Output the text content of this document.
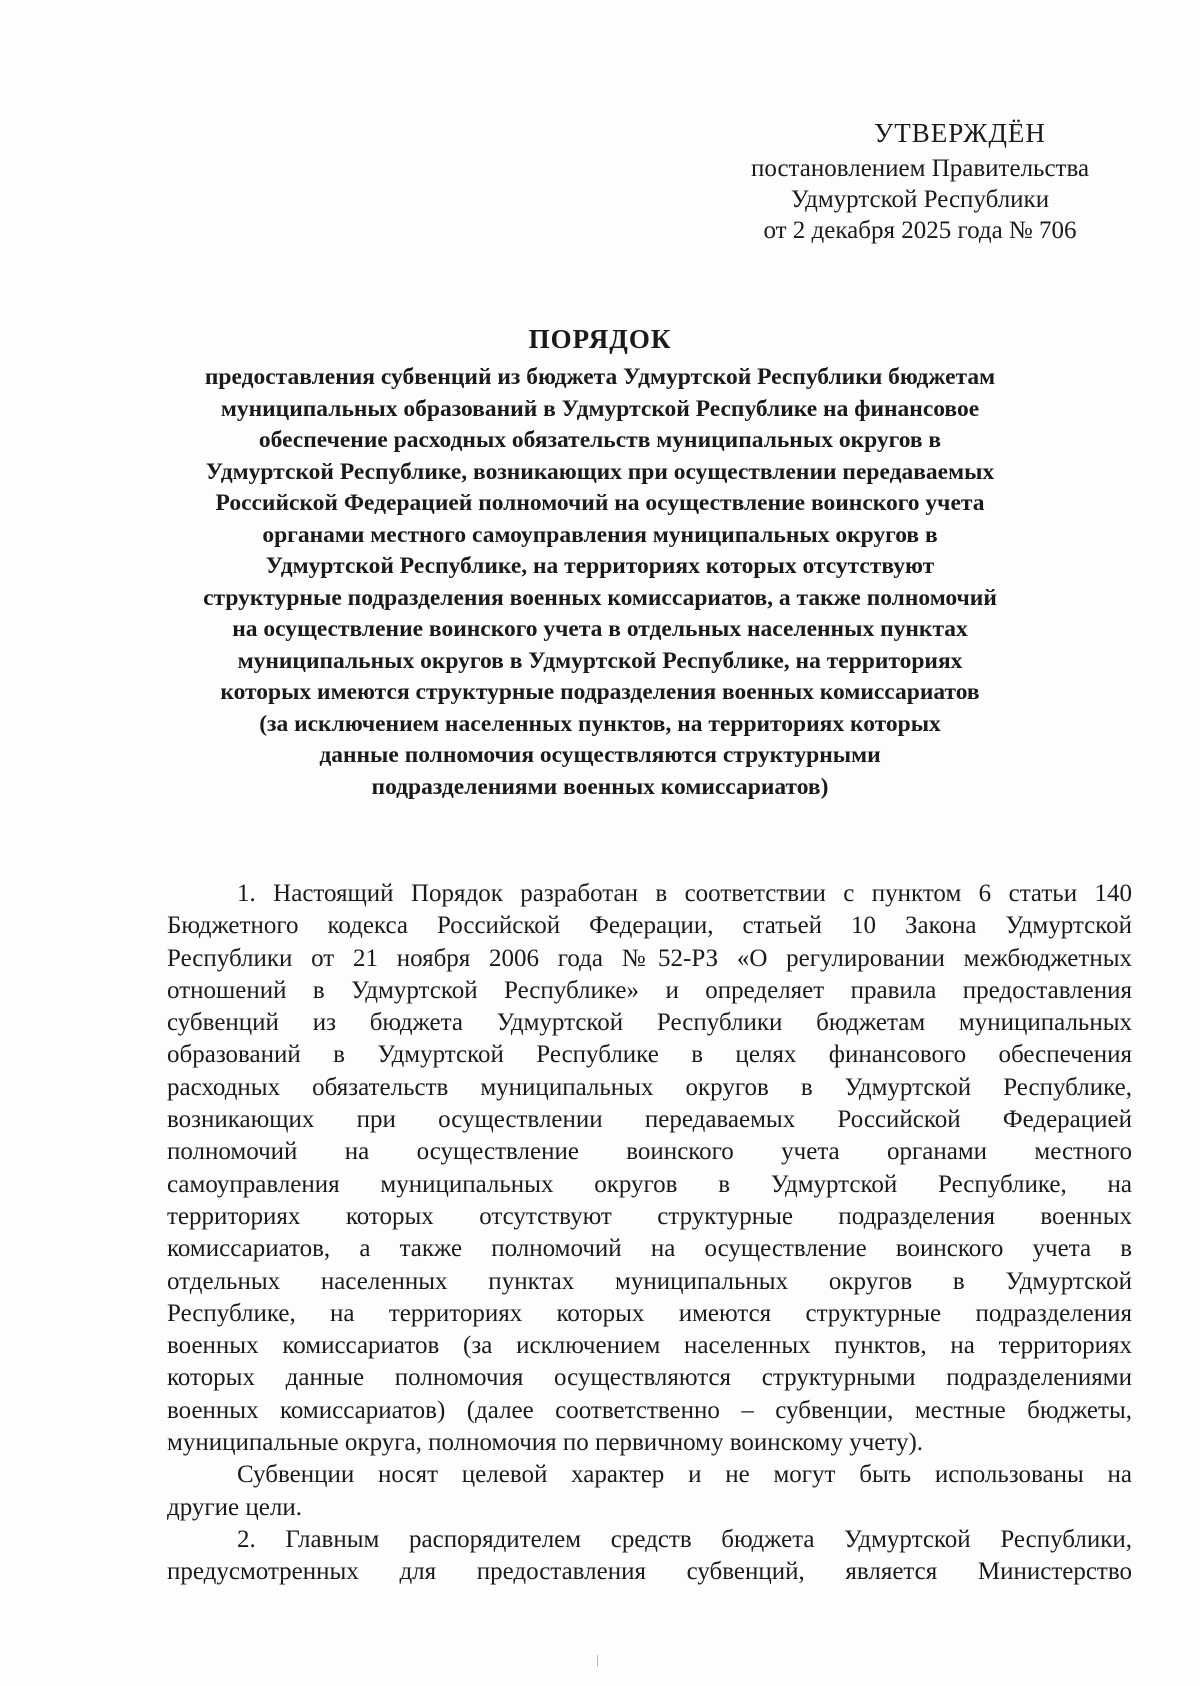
УТВЕРЖДЁН
постановлением Правительства
Удмуртской Республики
от 2 декабря 2025 года № 706
ПОРЯДОК
предоставления субвенций из бюджета Удмуртской Республики бюджетам
муниципальных образований в Удмуртской Республике на финансовое
обеспечение расходных обязательств муниципальных округов в
Удмуртской Республике, возникающих при осуществлении передаваемых
Российской Федерацией полномочий на осуществление воинского учета
органами местного самоуправления муниципальных округов в
Удмуртской Республике, на территориях которых отсутствуют
структурные подразделения военных комиссариатов, а также полномочий
на осуществление воинского учета в отдельных населенных пунктах
муниципальных округов в Удмуртской Республике, на территориях
которых имеются структурные подразделения военных комиссариатов
(за исключением населенных пунктов, на территориях которых
данные полномочия осуществляются структурными
подразделениями военных комиссариатов)
1. Настоящий Порядок разработан в соответствии с пунктом 6 статьи 140
Бюджетного кодекса Российской Федерации, статьей 10 Закона Удмуртской
Республики от 21 ноября 2006 года №52-РЗ «О регулировании межбюджетных
отношений в Удмуртской Республике» и определяет правила предоставления
субвенций из бюджета Удмуртской Республики бюджетам муниципальных
образований в Удмуртской Республике в целях финансового обеспечения
расходных обязательств муниципальных округов в Удмуртской Республике,
возникающих при осуществлении передаваемых Российской Федерацией
полномочий на осуществление воинского учета органами местного
самоуправления муниципальных округов в Удмуртской Республике, на
территориях которых отсутствуют структурные подразделения военных
комиссариатов, а также полномочий на осуществление воинского учета в
отдельных населенных пунктах муниципальных округов в Удмуртской
Республике, на территориях которых имеются структурные подразделения
военных комиссариатов (за исключением населенных пунктов, на территориях
которых данные полномочия осуществляются структурными подразделениями
военных комиссариатов) (далее соответственно – субвенции, местные бюджеты,
муниципальные округа, полномочия по первичному воинскому учету).
Субвенции носят целевой характер и не могут быть использованы на
другие цели.
2. Главным распорядителем средств бюджета Удмуртской Республики,
предусмотренных для предоставления субвенций, является Министерство
